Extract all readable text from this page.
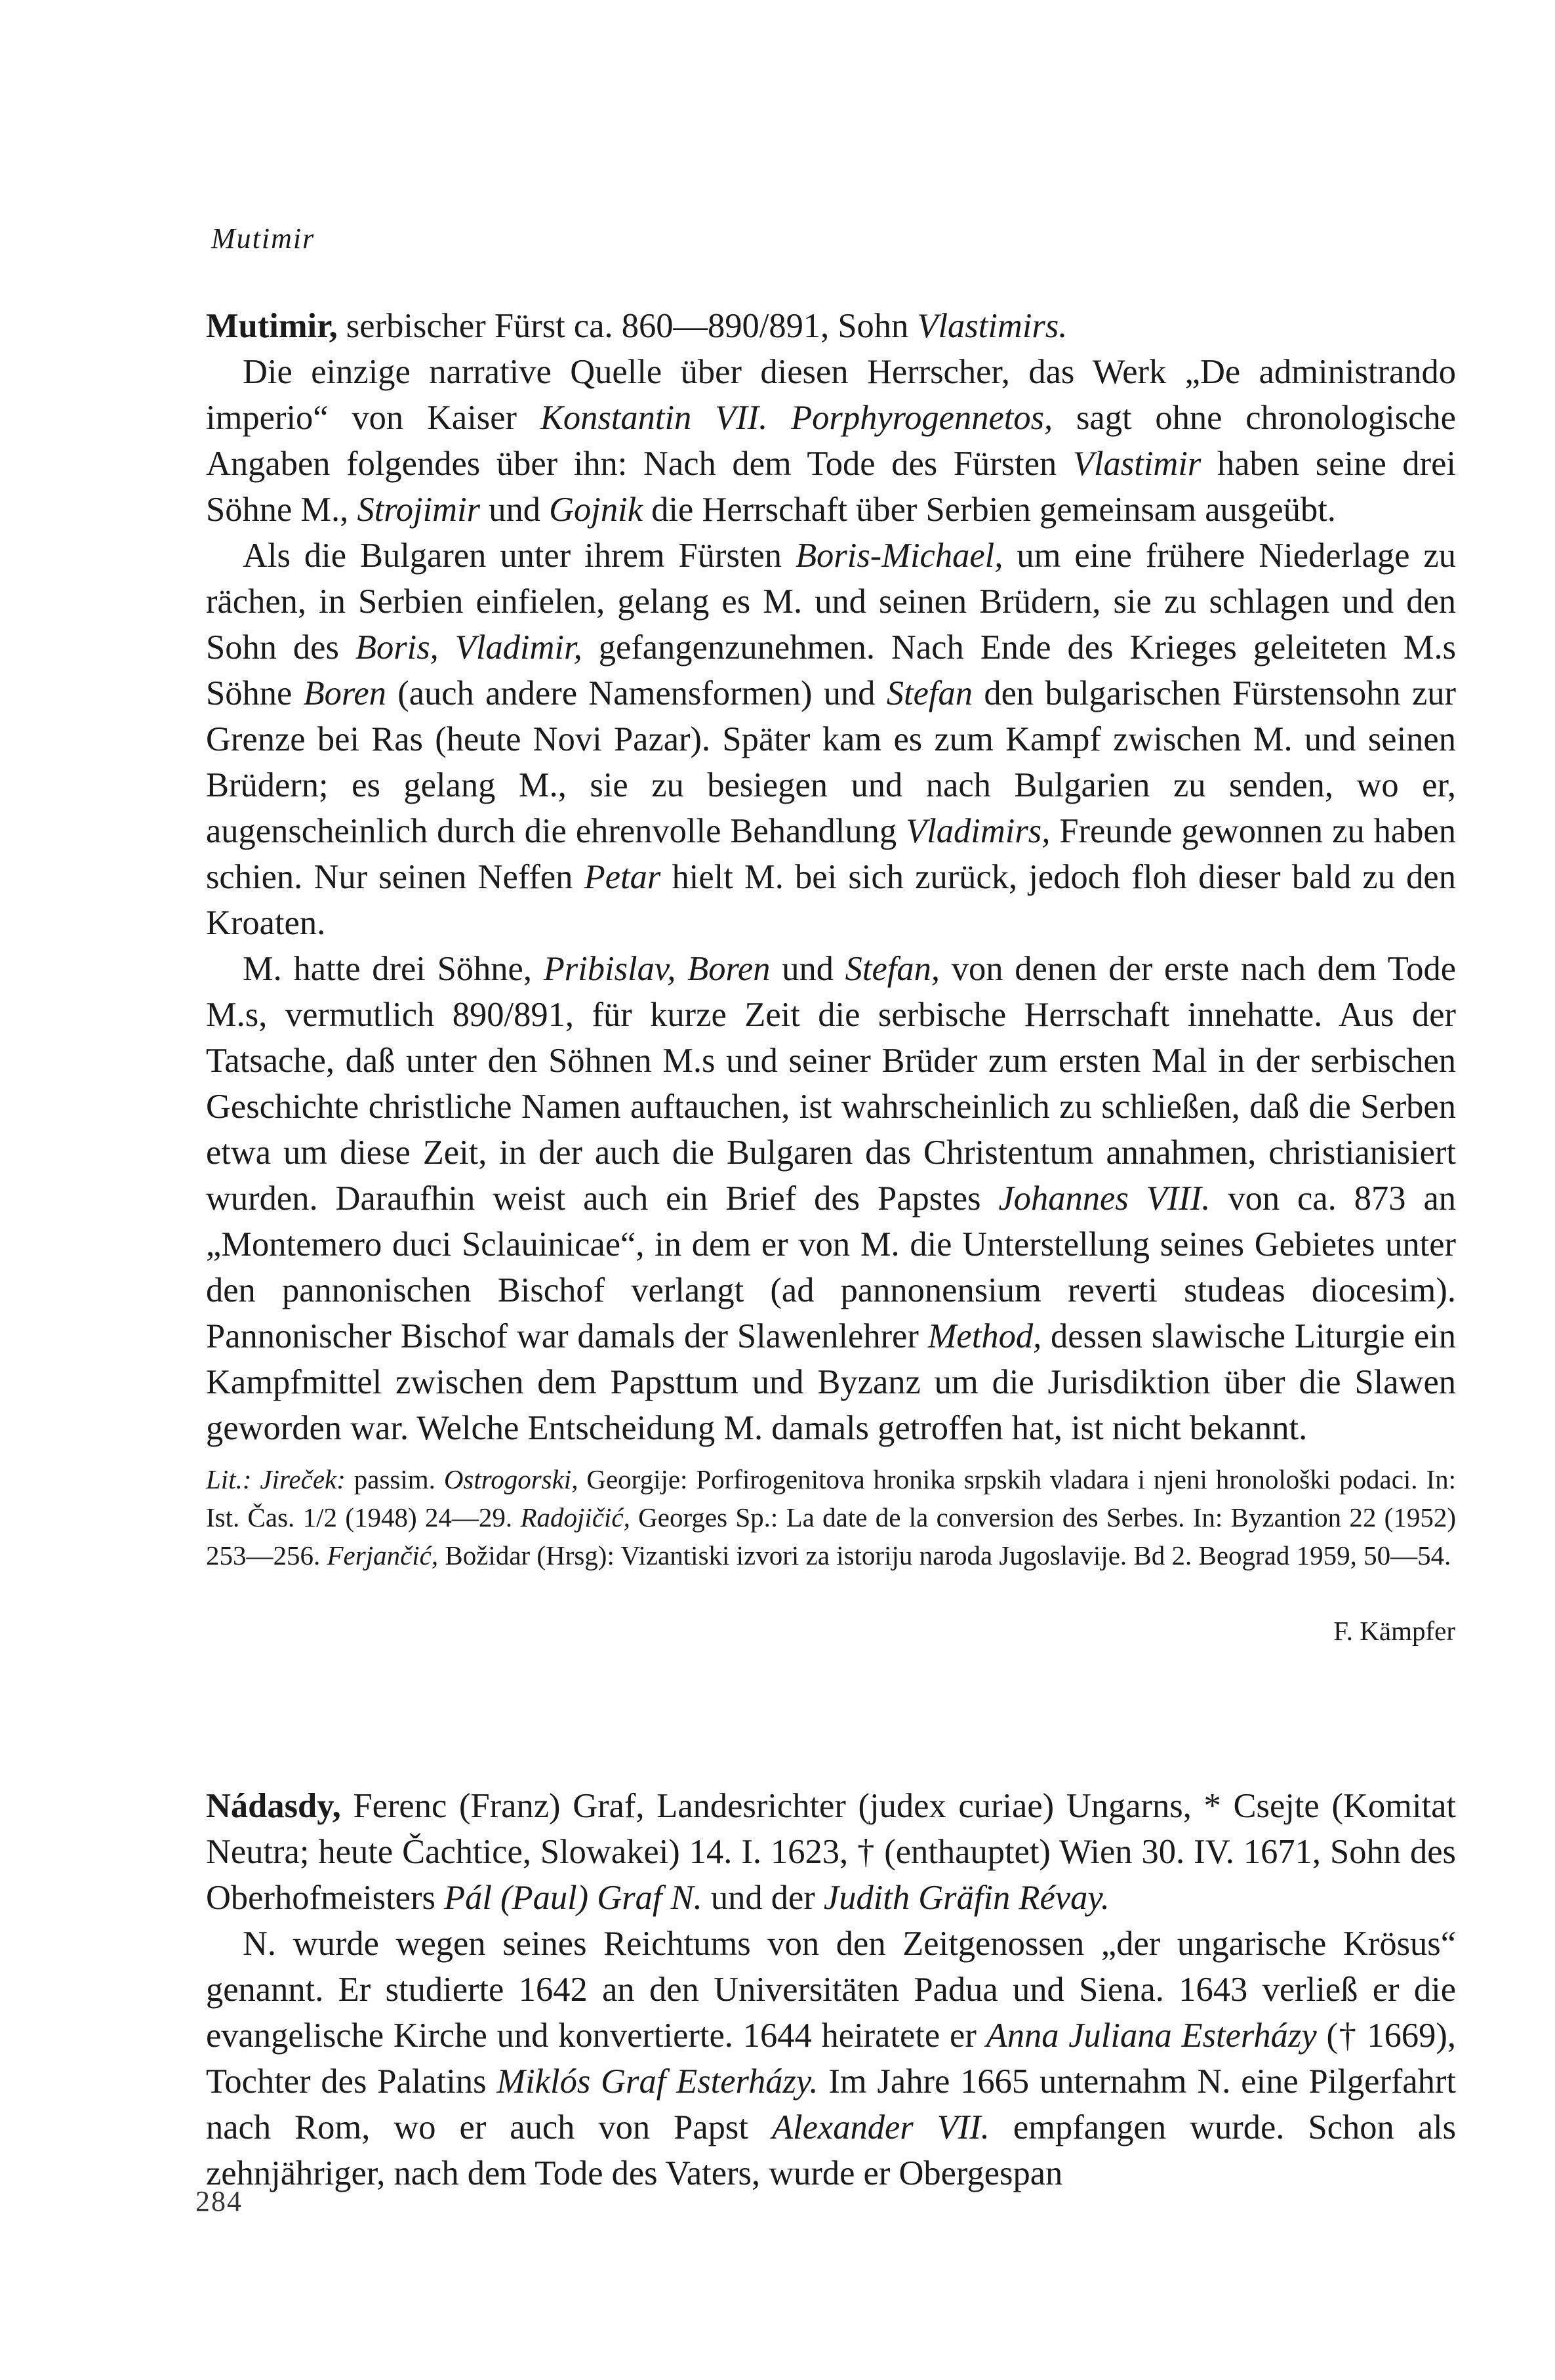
Mutimir

Mutimir, serbischer Fürst ca. 860—890/891, Sohn Vlastimirs.

Die einzige narrative Quelle über diesen Herrscher, das Werk „De administrando imperio“ von Kaiser Konstantin VII. Porphyrogennetos, sagt ohne chronologische Angaben folgendes über ihn: Nach dem Tode des Fürsten Vlastimir haben seine drei Söhne M., Strojimir und Gojnik die Herrschaft über Serbien gemeinsam ausgeübt.

Als die Bulgaren unter ihrem Fürsten Boris-Michael, um eine frühere Niederlage zu rächen, in Serbien einfielen, gelang es M. und seinen Brüdern, sie zu schlagen und den Sohn des Boris, Vladimir, gefangenzunehmen. Nach Ende des Krieges geleiteten M.s Söhne Boren (auch andere Namensformen) und Stefan den bulgarischen Fürstensohn zur Grenze bei Ras (heute Novi Pazar). Später kam es zum Kampf zwischen M. und seinen Brüdern; es gelang M., sie zu besiegen und nach Bulgarien zu senden, wo er, augenscheinlich durch die ehrenvolle Behandlung Vladimirs, Freunde gewonnen zu haben schien. Nur seinen Neffen Petar hielt M. bei sich zurück, jedoch floh dieser bald zu den Kroaten.

M. hatte drei Söhne, Pribislav, Boren und Stefan, von denen der erste nach dem Tode M.s, vermutlich 890/891, für kurze Zeit die serbische Herrschaft innehatte. Aus der Tatsache, daß unter den Söhnen M.s und seiner Brüder zum ersten Mal in der serbischen Geschichte christliche Namen auftauchen, ist wahrscheinlich zu schließen, daß die Serben etwa um diese Zeit, in der auch die Bulgaren das Christentum annahmen, christianisiert wurden. Daraufhin weist auch ein Brief des Papstes Johannes VIII. von ca. 873 an „Montemero duci Sclauinicae“, in dem er von M. die Unterstellung seines Gebietes unter den pannonischen Bischof verlangt (ad pannonensium reverti studeas diocesim). Pannonischer Bischof war damals der Slawenlehrer Method, dessen slawische Liturgie ein Kampfmittel zwischen dem Papsttum und Byzanz um die Jurisdiktion über die Slawen geworden war. Welche Entscheidung M. damals getroffen hat, ist nicht bekannt.

Lit.: Jireček: passim. Ostrogorski, Georgije: Porfirogenitova hronika srpskih vladara i njeni hronološki podaci. In: Ist. Čas. 1/2 (1948) 24—29. Radojičić, Georges Sp.: La date de la conversion des Serbes. In: Byzantion 22 (1952) 253—256. Ferjančić, Božidar (Hrsg): Vizantiski izvori za istoriju naroda Jugoslavije. Bd 2. Beograd 1959, 50—54.
F. Kämpfer

Nádasdy, Ferenc (Franz) Graf, Landesrichter (judex curiae) Ungarns, * Csejte (Komitat Neutra; heute Čachtice, Slowakei) 14. I. 1623, † (enthauptet) Wien 30. IV. 1671, Sohn des Oberhofmeisters Pál (Paul) Graf N. und der Judith Gräfin Révay.

N. wurde wegen seines Reichtums von den Zeitgenossen „der ungarische Krösus“ genannt. Er studierte 1642 an den Universitäten Padua und Siena. 1643 verließ er die evangelische Kirche und konvertierte. 1644 heiratete er Anna Juliana Esterházy († 1669), Tochter des Palatins Miklós Graf Esterházy. Im Jahre 1665 unternahm N. eine Pilgerfahrt nach Rom, wo er auch von Papst Alexander VII. empfangen wurde. Schon als zehnjähriger, nach dem Tode des Vaters, wurde er Obergespan

284
